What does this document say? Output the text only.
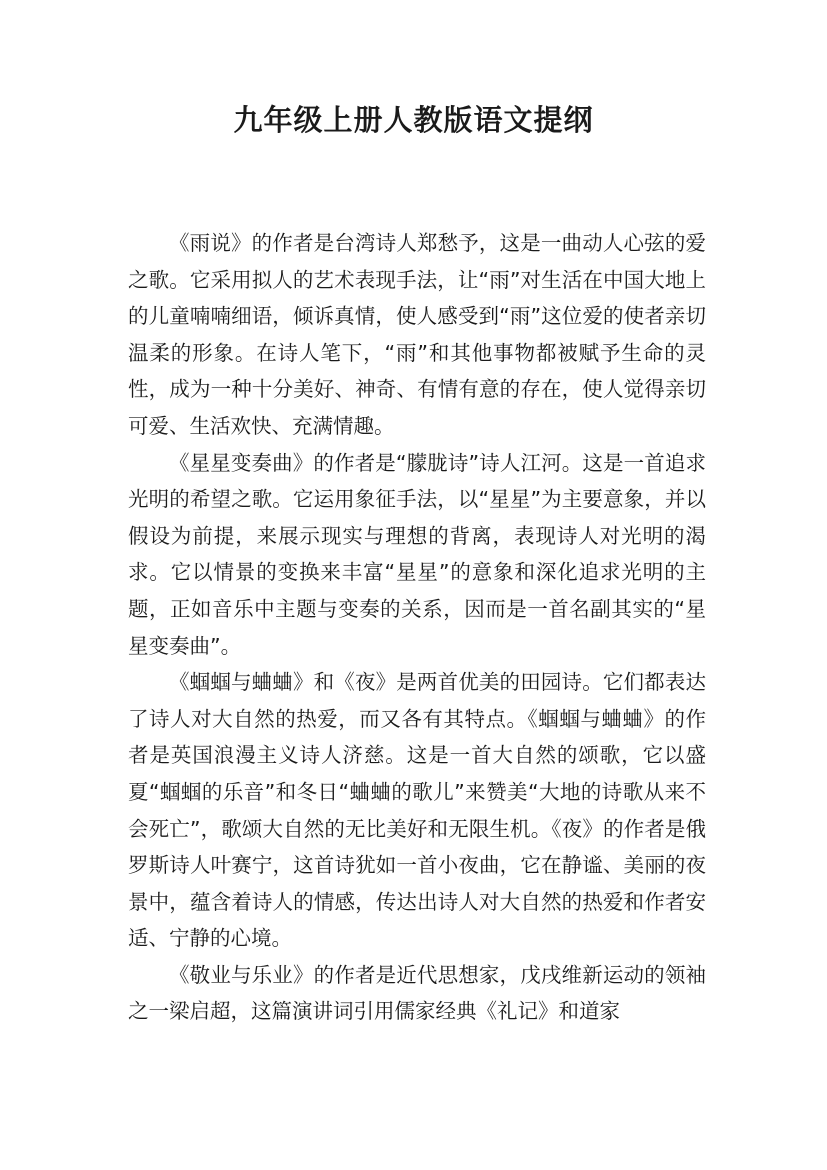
九年级上册人教版语文提纲

《雨说》的作者是台湾诗人郑愁予，这是一曲动人心弦的爱之歌。它采用拟人的艺术表现手法，让“雨”对生活在中国大地上的儿童喃喃细语，倾诉真情，使人感受到“雨”这位爱的使者亲切温柔的形象。在诗人笔下，“雨”和其他事物都被赋予生命的灵性，成为一种十分美好、神奇、有情有意的存在，使人觉得亲切可爱、生活欢快、充满情趣。

《星星变奏曲》的作者是“朦胧诗”诗人江河。这是一首追求光明的希望之歌。它运用象征手法，以“星星”为主要意象，并以假设为前提，来展示现实与理想的背离，表现诗人对光明的渴求。它以情景的变换来丰富“星星”的意象和深化追求光明的主题，正如音乐中主题与变奏的关系，因而是一首名副其实的“星星变奏曲”。

《蝈蝈与蛐蛐》和《夜》是两首优美的田园诗。它们都表达了诗人对大自然的热爱，而又各有其特点。《蝈蝈与蛐蛐》的作者是英国浪漫主义诗人济慈。这是一首大自然的颂歌，它以盛夏“蝈蝈的乐音”和冬日“蛐蛐的歌儿”来赞美“大地的诗歌从来不会死亡”，歌颂大自然的无比美好和无限生机。《夜》的作者是俄罗斯诗人叶赛宁，这首诗犹如一首小夜曲，它在静谧、美丽的夜景中，蕴含着诗人的情感，传达出诗人对大自然的热爱和作者安适、宁静的心境。

《敬业与乐业》的作者是近代思想家，戊戌维新运动的领袖之一梁启超，这篇演讲词引用儒家经典《礼记》和道家
